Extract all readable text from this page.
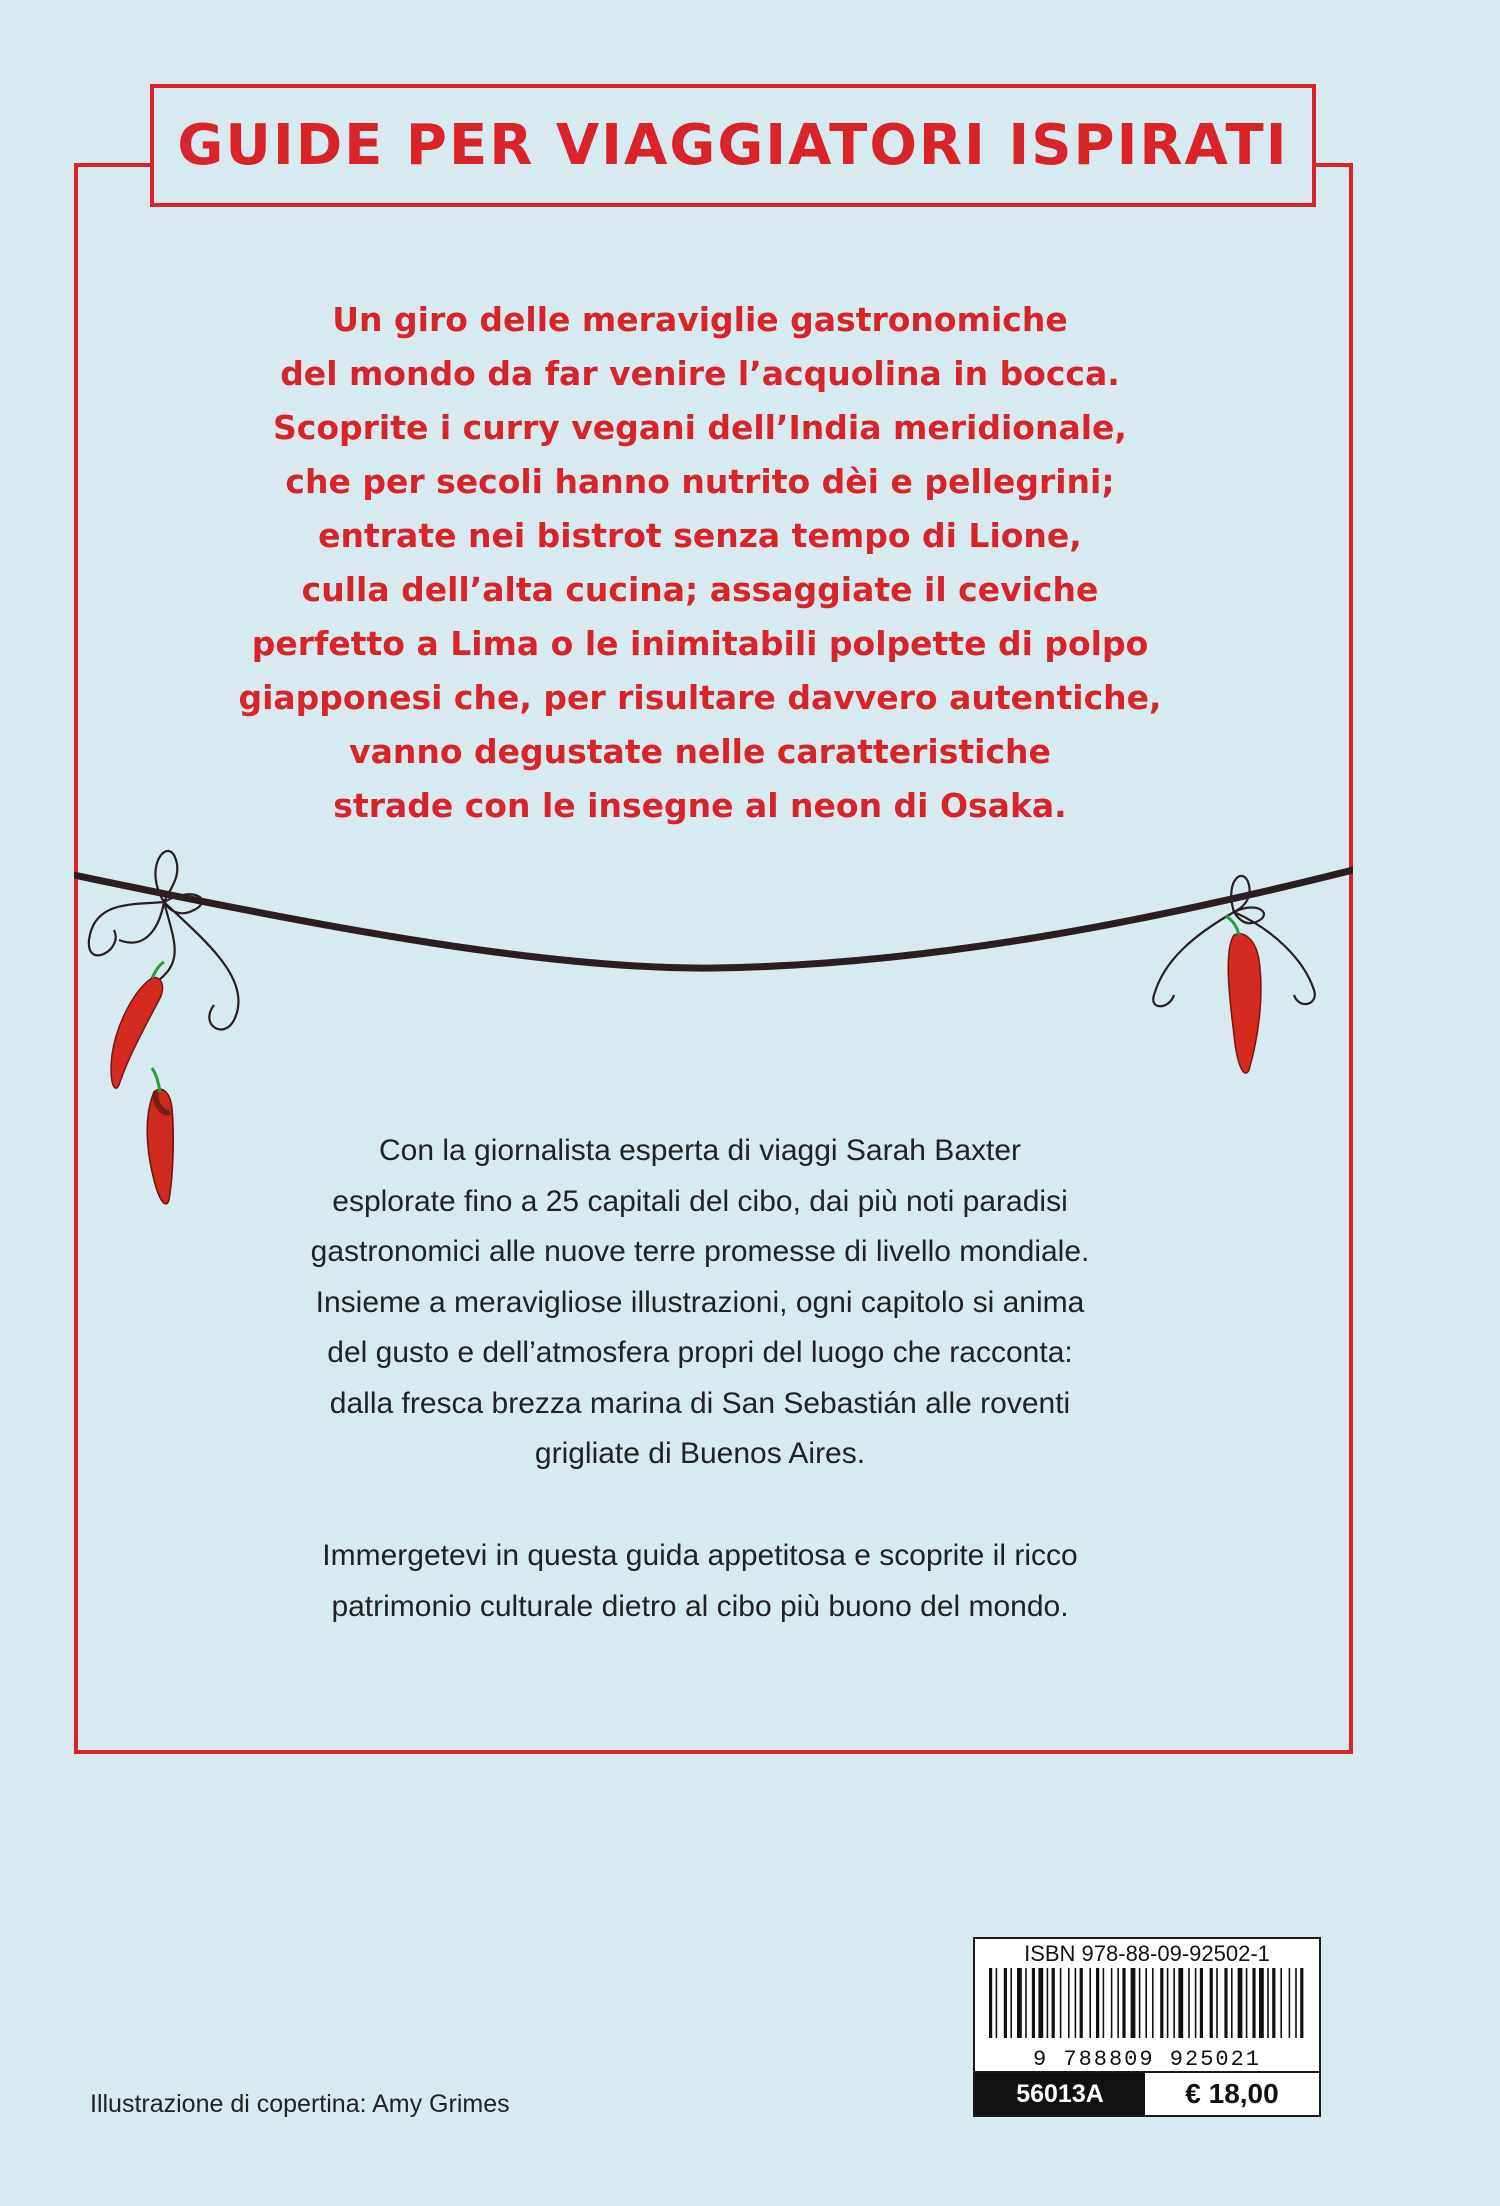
GUIDE PER VIAGGIATORI ISPIRATI
Un giro delle meraviglie gastronomiche
del mondo da far venire l’acquolina in bocca.
Scoprite i curry vegani dell’India meridionale,
che per secoli hanno nutrito dèi e pellegrini;
entrate nei bistrot senza tempo di Lione,
culla dell’alta cucina; assaggiate il ceviche
perfetto a Lima o le inimitabili polpette di polpo
giapponesi che, per risultare davvero autentiche,
vanno degustate nelle caratteristiche
strade con le insegne al neon di Osaka.
Con la giornalista esperta di viaggi Sarah Baxter
esplorate fino a 25 capitali del cibo, dai più noti paradisi
gastronomici alle nuove terre promesse di livello mondiale.
Insieme a meravigliose illustrazioni, ogni capitolo si anima
del gusto e dell’atmosfera propri del luogo che racconta:
dalla fresca brezza marina di San Sebastián alle roventi
grigliate di Buenos Aires.
Immergetevi in questa guida appetitosa e scoprite il ricco
patrimonio culturale dietro al cibo più buono del mondo.
Illustrazione di copertina: Amy Grimes
ISBN 978-88-09-92502-1
9 788809 925021
56013A	€ 18,00
